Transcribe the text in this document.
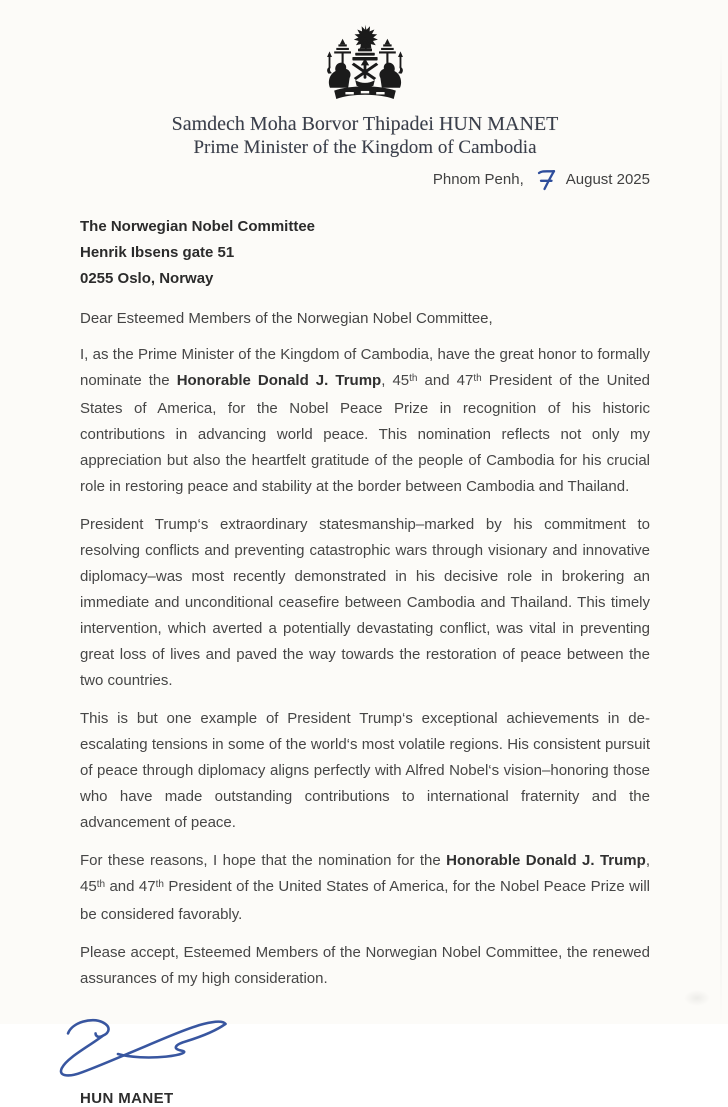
Samdech Moha Borvor Thipadei HUN MANET
Prime Minister of the Kingdom of Cambodia
Phnom Penh,	August 2025
The Norwegian Nobel Committee
Henrik Ibsens gate 51
0255 Oslo, Norway

Dear Esteemed Members of the Norwegian Nobel Committee,

I, as the Prime Minister of the Kingdom of Cambodia, have the great honor to formally nominate the Honorable Donald J. Trump, 45th and 47th President of the United States of America, for the Nobel Peace Prize in recognition of his historic contributions in advancing world peace. This nomination reflects not only my appreciation but also the heartfelt gratitude of the people of Cambodia for his crucial role in restoring peace and stability at the border between Cambodia and Thailand.

President Trump‘s extraordinary statesmanship–marked by his commitment to resolving conflicts and preventing catastrophic wars through visionary and innovative diplomacy–was most recently demonstrated in his decisive role in brokering an immediate and unconditional ceasefire between Cambodia and Thailand. This timely intervention, which averted a potentially devastating conflict, was vital in preventing great loss of lives and paved the way towards the restoration of peace between the two countries.

This is but one example of President Trump‘s exceptional achievements in de-escalating tensions in some of the world‘s most volatile regions. His consistent pursuit of peace through diplomacy aligns perfectly with Alfred Nobel‘s vision–honoring those who have made outstanding contributions to international fraternity and the advancement of peace.

For these reasons, I hope that the nomination for the Honorable Donald J. Trump, 45th and 47th President of the United States of America, for the Nobel Peace Prize will be considered favorably.

Please accept, Esteemed Members of the Norwegian Nobel Committee, the renewed assurances of my high consideration.

HUN MANET
